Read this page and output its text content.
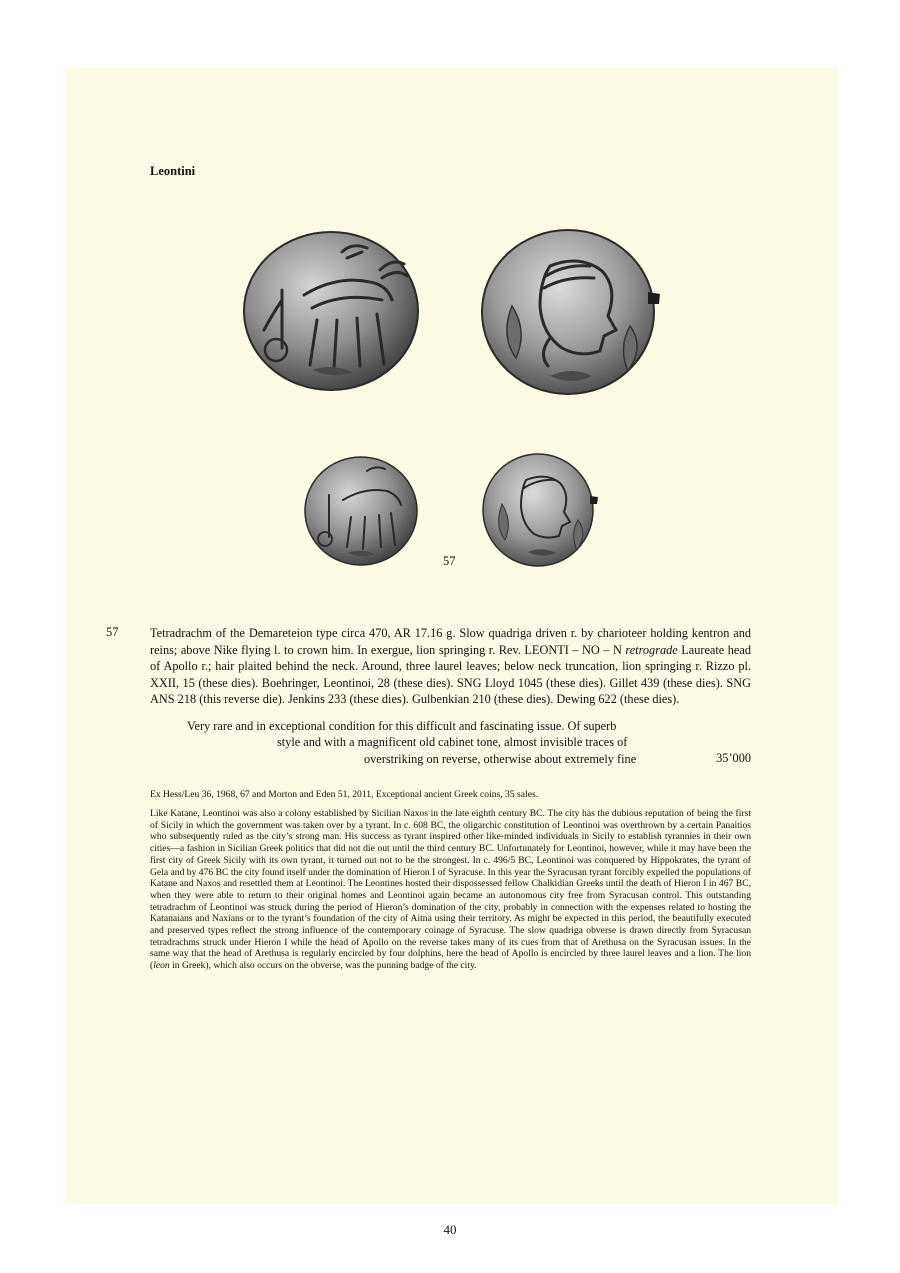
Leontini
57
57	Tetradrachm of the Demareteion type circa 470, AR 17.16 g. Slow quadriga driven r. by charioteer holding kentron and reins; above Nike flying l. to crown him. In exergue, lion springing r. Rev. LEONTI – NO – N retrograde Laureate head of Apollo r.; hair plaited behind the neck. Around, three laurel leaves; below neck truncation, lion springing r. Rizzo pl. XXII, 15 (these dies). Boehringer, Leontinoi, 28 (these dies). SNG Lloyd 1045 (these dies). Gillet 439 (these dies). SNG ANS 218 (this reverse die). Jenkins 233 (these dies). Gulbenkian 210 (these dies). Dewing 622 (these dies).
Very rare and in exceptional condition for this difficult and fascinating issue. Of superb
style and with a magnificent old cabinet tone, almost invisible traces of
overstriking on reverse, otherwise about extremely fine	35’000
Ex Hess/Leu 36, 1968, 67 and Morton and Eden 51, 2011, Exceptional ancient Greek coins, 35 sales.
Like Katane, Leontinoi was also a colony established by Sicilian Naxos in the late eighth century BC. The city has the dubious reputation of being the first of Sicily in which the government was taken over by a tyrant. In c. 608 BC, the oligarchic constitution of Leontinoi was overthrown by a certain Panaitios who subsequently ruled as the city’s strong man. His success as tyrant inspired other like-minded individuals in Sicily to establish tyrannies in their own cities—a fashion in Sicilian Greek politics that did not die out until the third century BC. Unfortunately for Leontinoi, however, while it may have been the first city of Greek Sicily with its own tyrant, it turned out not to be the strongest. In c. 496/5 BC, Leontinoi was conquered by Hippokrates, the tyrant of Gela and by 476 BC the city found itself under the domination of Hieron I of Syracuse. In this year the Syracusan tyrant forcibly expelled the populations of Katane and Naxos and resettled them at Leontinoi. The Leontines hosted their dispossessed fellow Chalkidian Greeks until the death of Hieron I in 467 BC, when they were able to return to their original homes and Leontinoi again became an autonomous city free from Syracusan control. This outstanding tetradrachm of Leontinoi was struck during the period of Hieron’s domination of the city, probably in connection with the expenses related to hosting the Katanaians and Naxians or to the tyrant’s foundation of the city of Aitna using their territory. As might be expected in this period, the beautifully executed and preserved types reflect the strong influence of the contemporary coinage of Syracuse. The slow quadriga obverse is drawn directly from Syracusan tetradrachms struck under Hieron I while the head of Apollo on the reverse takes many of its cues from that of Arethusa on the Syracusan issues. In the same way that the head of Arethusa is regularly encircled by four dolphins, here the head of Apollo is encircled by three laurel leaves and a lion. The lion (leon in Greek), which also occurs on the obverse, was the punning badge of the city.
40
